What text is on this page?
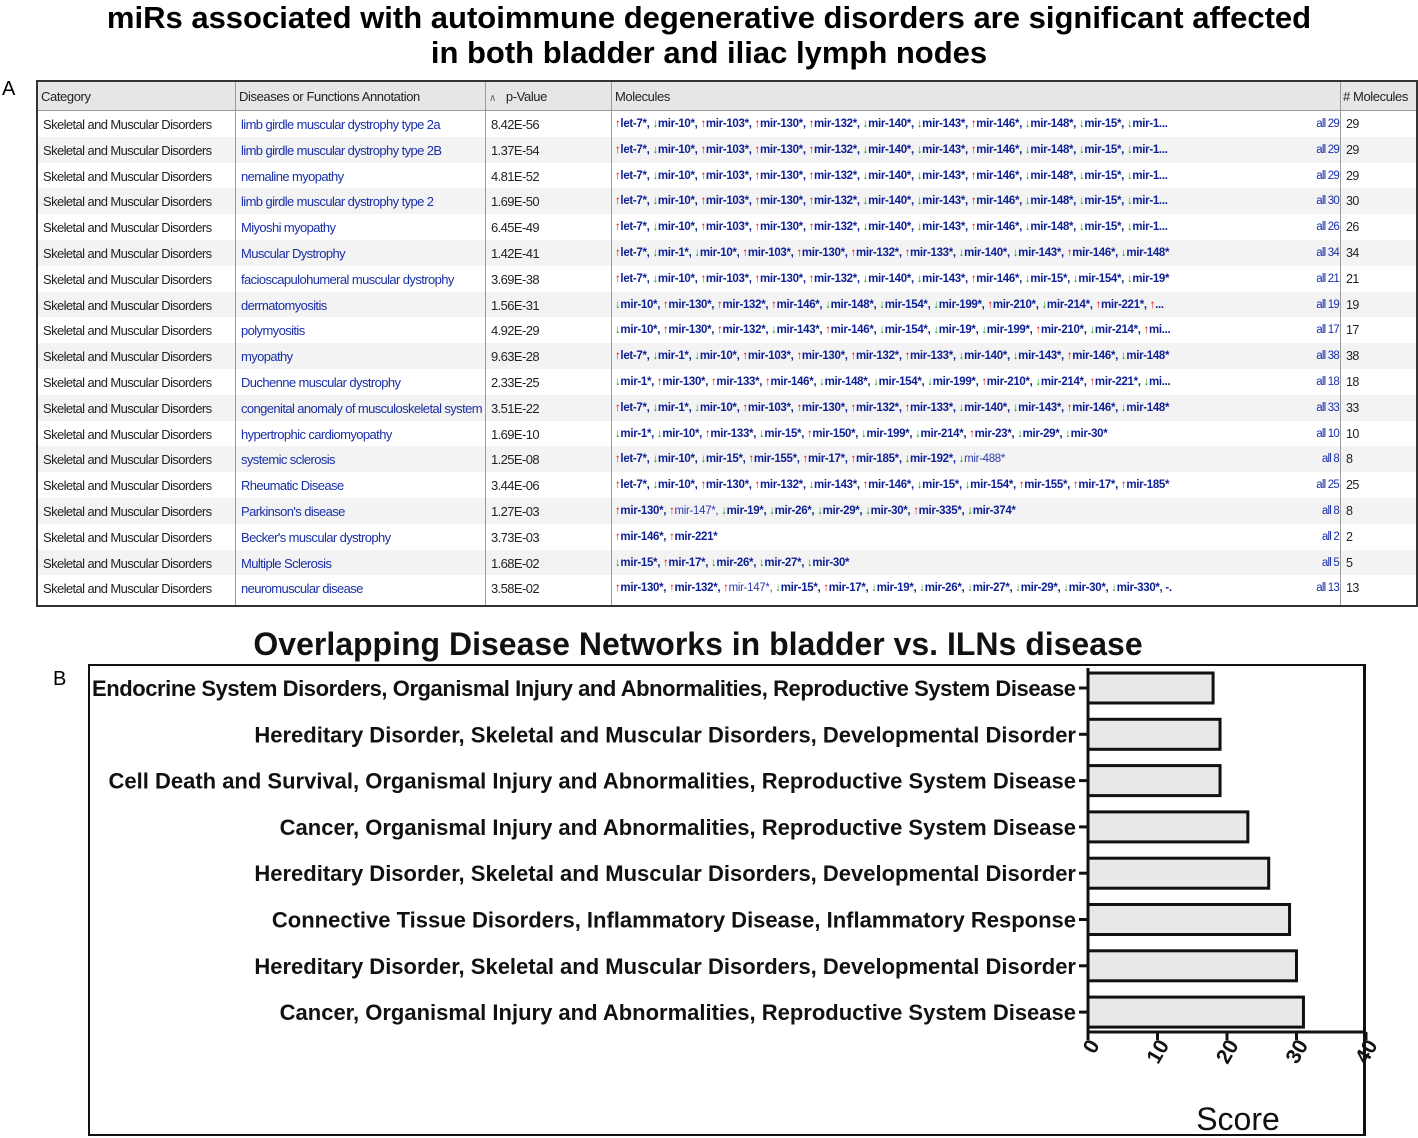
miRs associated with autoimmune degenerative disorders are significant affected
in both bladder and iliac lymph nodes
A
B
Category	Diseases or Functions Annotation	∧ p-Value	Molecules	# Molecules
Skeletal and Muscular Disorders	limb girdle muscular dystrophy type 2a	8.42E-56	↑let-7*, ↓mir-10*, ↑mir-103*, ↑mir-130*, ↑mir-132*, ↓mir-140*, ↓mir-143*, ↑mir-146*, ↓mir-148*, ↓mir-15*, ↓mir-1...	all 29 29
Skeletal and Muscular Disorders	limb girdle muscular dystrophy type 2B	1.37E-54	↑let-7*, ↓mir-10*, ↑mir-103*, ↑mir-130*, ↑mir-132*, ↓mir-140*, ↓mir-143*, ↑mir-146*, ↓mir-148*, ↓mir-15*, ↓mir-1...	all 29 29
Skeletal and Muscular Disorders	nemaline myopathy	4.81E-52	↑let-7*, ↓mir-10*, ↑mir-103*, ↑mir-130*, ↑mir-132*, ↓mir-140*, ↓mir-143*, ↑mir-146*, ↓mir-148*, ↓mir-15*, ↓mir-1...	all 29 29
Skeletal and Muscular Disorders	limb girdle muscular dystrophy type 2	1.69E-50	↑let-7*, ↓mir-10*, ↑mir-103*, ↑mir-130*, ↑mir-132*, ↓mir-140*, ↓mir-143*, ↑mir-146*, ↓mir-148*, ↓mir-15*, ↓mir-1...	all 30 30
Skeletal and Muscular Disorders	Miyoshi myopathy	6.45E-49	↑let-7*, ↓mir-10*, ↑mir-103*, ↑mir-130*, ↑mir-132*, ↓mir-140*, ↓mir-143*, ↑mir-146*, ↓mir-148*, ↓mir-15*, ↓mir-1...	all 26 26
Skeletal and Muscular Disorders	Muscular Dystrophy	1.42E-41	↑let-7*, ↓mir-1*, ↓mir-10*, ↑mir-103*, ↑mir-130*, ↑mir-132*, ↑mir-133*, ↓mir-140*, ↓mir-143*, ↑mir-146*, ↓mir-148*	all 34 34
Skeletal and Muscular Disorders	facioscapulohumeral muscular dystrophy	3.69E-38	↑let-7*, ↓mir-10*, ↑mir-103*, ↑mir-130*, ↑mir-132*, ↓mir-140*, ↓mir-143*, ↑mir-146*, ↓mir-15*, ↓mir-154*, ↓mir-19*	all 21 21
Skeletal and Muscular Disorders	dermatomyositis	1.56E-31	↓mir-10*, ↑mir-130*, ↑mir-132*, ↑mir-146*, ↓mir-148*, ↓mir-154*, ↓mir-199*, ↑mir-210*, ↓mir-214*, ↑mir-221*, ↑...	all 19 19
Skeletal and Muscular Disorders	polymyositis	4.92E-29	↓mir-10*, ↑mir-130*, ↑mir-132*, ↓mir-143*, ↑mir-146*, ↓mir-154*, ↓mir-19*, ↓mir-199*, ↑mir-210*, ↓mir-214*, ↑mi...	all 17 17
Skeletal and Muscular Disorders	myopathy	9.63E-28	↑let-7*, ↓mir-1*, ↓mir-10*, ↑mir-103*, ↑mir-130*, ↑mir-132*, ↑mir-133*, ↓mir-140*, ↓mir-143*, ↑mir-146*, ↓mir-148*	all 38 38
Skeletal and Muscular Disorders	Duchenne muscular dystrophy	2.33E-25	↓mir-1*, ↑mir-130*, ↑mir-133*, ↑mir-146*, ↓mir-148*, ↓mir-154*, ↓mir-199*, ↑mir-210*, ↓mir-214*, ↑mir-221*, ↓mi...	all 18 18
Skeletal and Muscular Disorders	congenital anomaly of musculoskeletal system 3.51E-22	↑let-7*, ↓mir-1*, ↓mir-10*, ↑mir-103*, ↑mir-130*, ↑mir-132*, ↑mir-133*, ↓mir-140*, ↓mir-143*, ↑mir-146*, ↓mir-148*	all 33 33
Skeletal and Muscular Disorders	hypertrophic cardiomyopathy	1.69E-10	↓mir-1*, ↓mir-10*, ↑mir-133*, ↓mir-15*, ↑mir-150*, ↓mir-199*, ↓mir-214*, ↑mir-23*, ↓mir-29*, ↓mir-30*	all 10 10
Skeletal and Muscular Disorders	systemic sclerosis	1.25E-08	↑let-7*, ↓mir-10*, ↓mir-15*, ↑mir-155*, ↑mir-17*, ↑mir-185*, ↓mir-192*, ↓mir-488*	all 8 8
Skeletal and Muscular Disorders	Rheumatic Disease	3.44E-06	↑let-7*, ↓mir-10*, ↑mir-130*, ↑mir-132*, ↓mir-143*, ↑mir-146*, ↓mir-15*, ↓mir-154*, ↑mir-155*, ↑mir-17*, ↑mir-185*	all 25 25
Skeletal and Muscular Disorders	Parkinson's disease	1.27E-03	↑mir-130*, ↑mir-147*, ↓mir-19*, ↓mir-26*, ↓mir-29*, ↓mir-30*, ↑mir-335*, ↓mir-374*	all 8 8
Skeletal and Muscular Disorders	Becker's muscular dystrophy	3.73E-03	↑mir-146*, ↑mir-221*	all 2 2
Skeletal and Muscular Disorders	Multiple Sclerosis	1.68E-02	↓mir-15*, ↑mir-17*, ↓mir-26*, ↓mir-27*, ↓mir-30*	all 5 5
Skeletal and Muscular Disorders	neuromuscular disease	3.58E-02	↑mir-130*, ↑mir-132*, ↑mir-147*, ↓mir-15*, ↑mir-17*, ↓mir-19*, ↓mir-26*, ↓mir-27*, ↓mir-29*, ↓mir-30*, ↓mir-330*, -.	all 13 13
Overlapping Disease Networks in bladder vs. ILNs disease
Endocrine System Disorders, Organismal Injury and Abnormalities, Reproductive System Disease
Hereditary Disorder, Skeletal and Muscular Disorders, Developmental Disorder
Cell Death and Survival, Organismal Injury and Abnormalities, Reproductive System Disease
Cancer, Organismal Injury and Abnormalities, Reproductive System Disease
Hereditary Disorder, Skeletal and Muscular Disorders, Developmental Disorder
Connective Tissue Disorders, Inflammatory Disease, Inflammatory Response
Hereditary Disorder, Skeletal and Muscular Disorders, Developmental Disorder
Cancer, Organismal Injury and Abnormalities, Reproductive System Disease
0 10 20 30 40
Score
